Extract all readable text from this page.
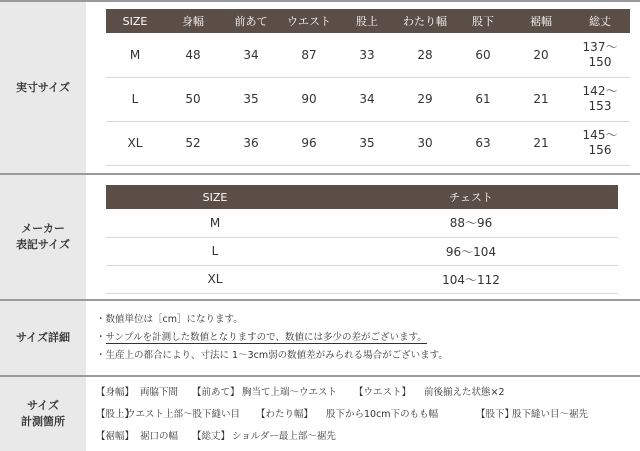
実寸サイズ
SIZE	身幅	前あて	ウエスト	股上	わたり幅	股下	裾幅	総丈
M	48	34	87	33	28	60	20	137〜
150

L	50	35	90	34	29	61	21	142〜
153

XL	52	36	96	35	30	63	21	145〜
156
メーカー
表記サイズ
SIZE	チェスト
M	88〜96
L	96〜104
XL	104〜112
サイズ詳細
・数値単位は［cm］になります。
・サンプルを計測した数値となりますので、数値には多少の差がございます。
・生産上の都合により、寸法に 1〜3cm弱の数値差がみられる場合がございます。
サイズ
計測箇所
【身幅】 両脇下間 【前あて】 胸当て上端〜ウエスト 【ウエスト】 前後揃えた状態×2
【股上】ウエスト上部〜股下縫い目 【わたり幅】 股下から10cm下のもも幅	【股下】股下縫い目〜裾先
【裾幅】 裾口の幅 【総丈】 ショルダー最上部〜裾先
